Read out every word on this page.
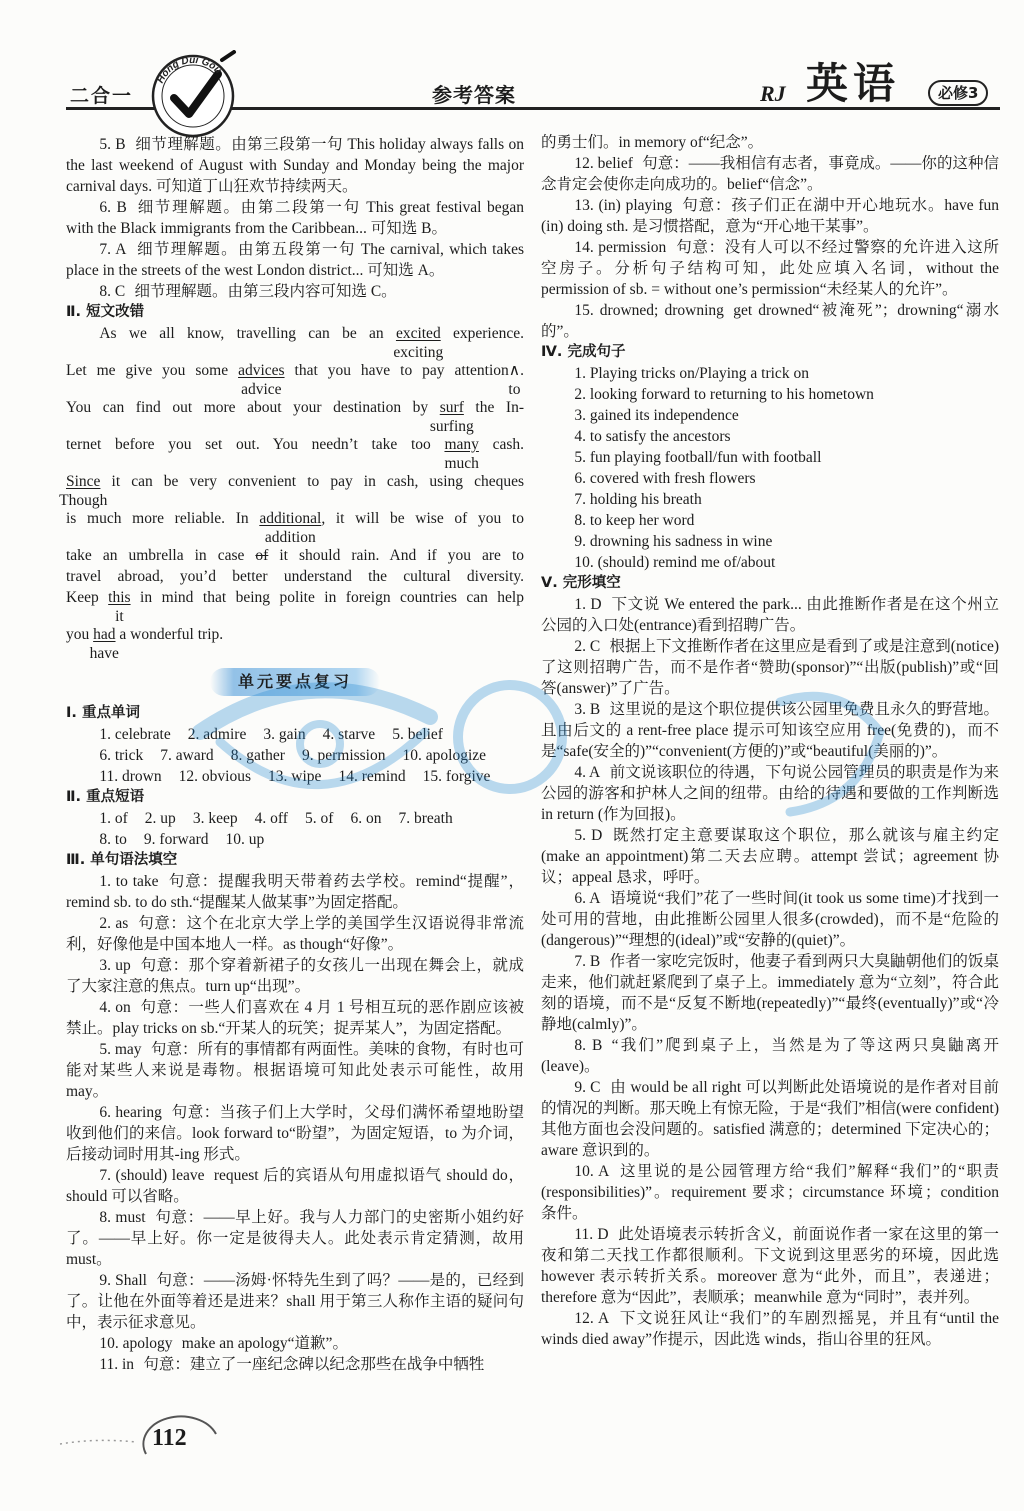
二合一
Hong Dui Gou
参考答案	RJ 英语	必修3

5. B 细节理解题。由第三段第一句 This holiday always falls on the last weekend of August with Sunday and Monday being the major carnival days. 可知道丁山狂欢节持续两天。

6. B 细节理解题。由第二段第一句 This great festival began with the Black immigrants from the Caribbean... 可知选 B。

7. A 细节理解题。由第五段第一句 The carnival, which takes place in the streets of the west London district... 可知选 A。

8. C 细节理解题。由第三段内容可知选 C。

Ⅱ. 短文改错
As we all know, travelling can be an excited
exciting
experience.
Let me give you some advices
advice
that you have to pay attention∧
to
.
You can find out more about your destination by surf
surfing
the In-
ternet before you set out. You needn’t take too many
much
cash.
Since
Though
it can be very convenient to pay in cash, using cheques
is much more reliable. In additional
addition
, it will be wise of you to
take an umbrella in case of it should rain. And if you are to
travel abroad, you’d better understand the cultural diversity.
Keep this
it
in mind that being polite in foreign countries can help
you had
have
a wonderful trip.
单元要点复习
Ⅰ. 重点单词
1. celebrate 2. admire 3. gain 4. starve 5. belief
6. trick 7. award 8. gather 9. permission 10. apologize
11. drown 12. obvious 13. wipe 14. remind 15. forgive
Ⅱ. 重点短语
1. of 2. up 3. keep 4. off 5. of 6. on 7. breath
8. to 9. forward 10. up
Ⅲ. 单句语法填空

1. to take 句意：提醒我明天带着药去学校。remind“提醒”，remind sb. to do sth.“提醒某人做某事”为固定搭配。

2. as 句意：这个在北京大学上学的美国学生汉语说得非常流利，好像他是中国本地人一样。as though“好像”。

3. up 句意：那个穿着新裙子的女孩儿一出现在舞会上，就成了大家注意的焦点。turn up“出现”。

4. on 句意：一些人们喜欢在 4 月 1 号相互玩的恶作剧应该被禁止。play tricks on sb.“开某人的玩笑；捉弄某人”，为固定搭配。

5. may 句意：所有的事情都有两面性。美味的食物，有时也可能对某些人来说是毒物。根据语境可知此处表示可能性，故用 may。

6. hearing 句意：当孩子们上大学时，父母们满怀希望地盼望收到他们的来信。look forward to“盼望”，为固定短语，to 为介词，后接动词时用其-ing 形式。

7. (should) leave request 后的宾语从句用虚拟语气 should do，should 可以省略。

8. must 句意：——早上好。我与人力部门的史密斯小姐约好了。——早上好。你一定是彼得夫人。此处表示肯定猜测，故用 must。

9. Shall 句意：——汤姆·怀特先生到了吗？——是的，已经到了。让他在外面等着还是进来？shall 用于第三人称作主语的疑问句中，表示征求意见。

10. apology make an apology“道歉”。

11. in 句意：建立了一座纪念碑以纪念那些在战争中牺牲

的勇士们。in memory of“纪念”。

12. belief 句意：——我相信有志者，事竟成。——你的这种信念肯定会使你走向成功的。belief“信念”。

13. (in) playing 句意：孩子们正在湖中开心地玩水。have fun (in) doing sth. 是习惯搭配，意为“开心地干某事”。

14. permission 句意：没有人可以不经过警察的允许进入这所空房子。分析句子结构可知，此处应填入名词，without the permission of sb. = without one’s permission“未经某人的允许”。

15. drowned; drowning get drowned“被淹死”；drowning“溺水的”。

Ⅳ. 完成句子
1. Playing tricks on/Playing a trick on
2. looking forward to returning to his hometown
3. gained its independence
4. to satisfy the ancestors
5. fun playing football/fun with football
6. covered with fresh flowers
7. holding his breath
8. to keep her word
9. drowning his sadness in wine
10. (should) remind me of/about
Ⅴ. 完形填空

1. D 下文说 We entered the park... 由此推断作者是在这个州立公园的入口处(entrance)看到招聘广告。

2. C 根据上下文推断作者在这里应是看到了或是注意到(notice)了这则招聘广告，而不是作者“赞助(sponsor)”“出版(publish)”或“回答(answer)”了广告。

3. B 这里说的是这个职位提供该公园里免费且永久的野营地。且由后文的 a rent-free place 提示可知该空应用 free(免费的)，而不是“safe(安全的)”“convenient(方便的)”或“beautiful(美丽的)”。

4. A 前文说该职位的待遇，下句说公园管理员的职责是作为来公园的游客和护林人之间的纽带。由给的待遇和要做的工作判断选 in return (作为回报)。

5. D 既然打定主意要谋取这个职位，那么就该与雇主约定(make an appointment)第二天去应聘。attempt 尝试；agreement 协议；appeal 恳求，呼吁。

6. A 语境说“我们”花了一些时间(it took us some time)才找到一处可用的营地，由此推断公园里人很多(crowded)，而不是“危险的(dangerous)”“理想的(ideal)”或“安静的(quiet)”。

7. B 作者一家吃完饭时，他妻子看到两只大臭鼬朝他们的饭桌走来，他们就赶紧爬到了桌子上。immediately 意为“立刻”，符合此刻的语境，而不是“反复不断地(repeatedly)”“最终(eventually)”或“冷静地(calmly)”。

8. B “我们”爬到桌子上，当然是为了等这两只臭鼬离开(leave)。

9. C 由 would be all right 可以判断此处语境说的是作者对目前的情况的判断。那天晚上有惊无险，于是“我们”相信(were confident)其他方面也会没问题的。satisfied 满意的；determined 下定决心的；aware 意识到的。

10. A 这里说的是公园管理方给“我们”解释“我们”的“职责(responsibilities)”。requirement 要求；circumstance 环境；condition 条件。

11. D 此处语境表示转折含义，前面说作者一家在这里的第一夜和第二天找工作都很顺利。下文说到这里恶劣的环境，因此选 however 表示转折关系。moreover 意为“此外，而且”，表递进；therefore 意为“因此”，表顺承；meanwhile 意为“同时”，表并列。

12. A 下文说狂风让“我们”的车剧烈摇晃，并且有“until the winds died away”作提示，因此选 winds，指山谷里的狂风。

112
